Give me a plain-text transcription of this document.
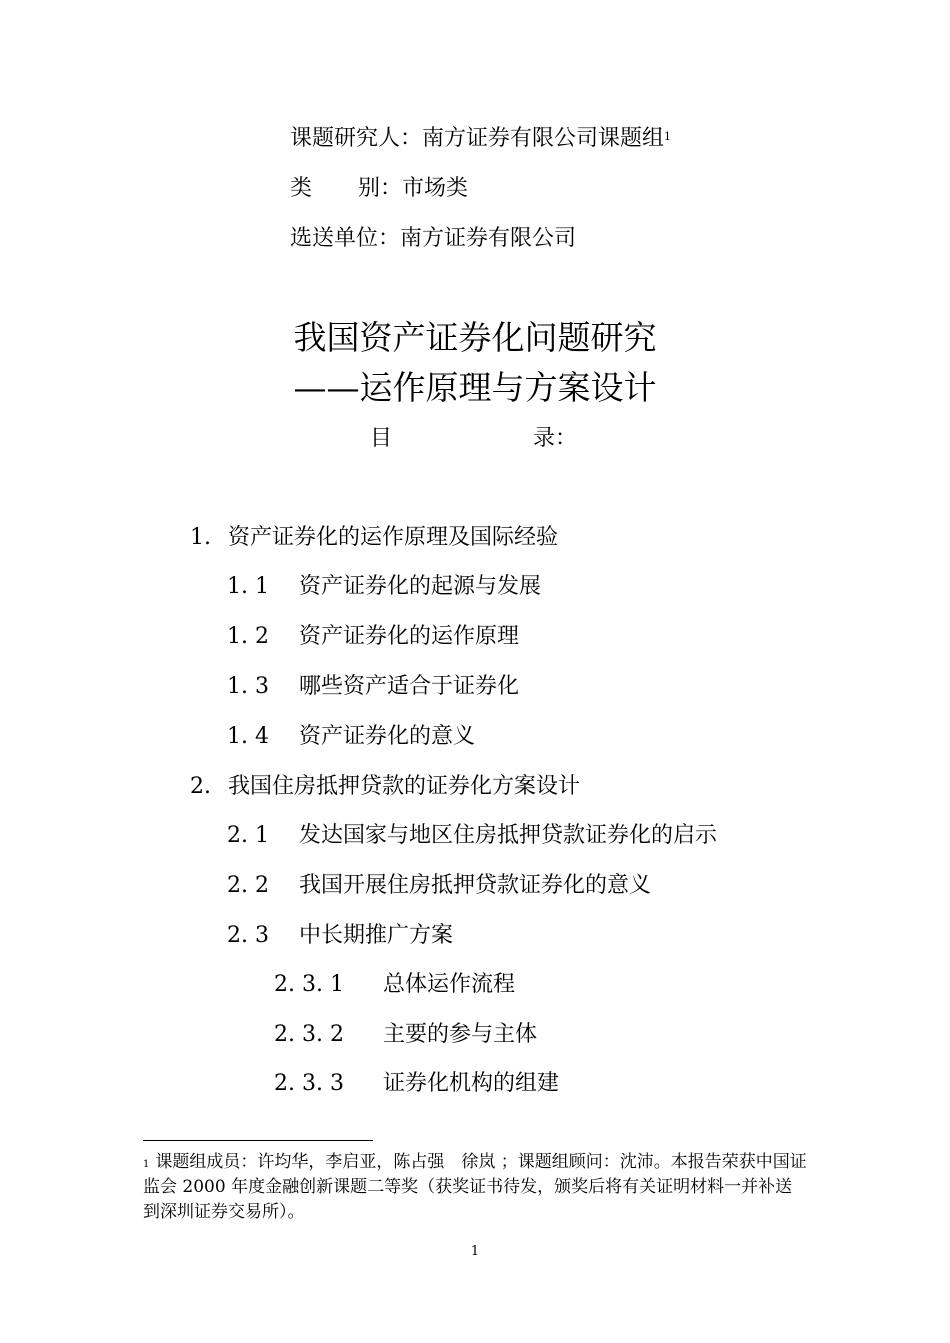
课题研究人：南方证券有限公司课题组$^1$
类 别：市场类
选送单位：南方证券有限公司
我国资产证券化问题研究
——运作原理与方案设计
目	录：
1. 资产证券化的运作原理及国际经验
1. 1 资产证券化的起源与发展
1. 2 资产证券化的运作原理
1. 3 哪些资产适合于证券化
1. 4 资产证券化的意义
2. 我国住房抵押贷款的证券化方案设计
2. 1 发达国家与地区住房抵押贷款证券化的启示
2. 2 我国开展住房抵押贷款证券化的意义
2. 3 中长期推广方案
2. 3. 1 总体运作流程
2. 3. 2 主要的参与主体
2. 3. 3 证券化机构的组建
$^1$ 课题组成员：许均华，李启亚，陈占强　徐岚 ；课题组顾问：沈沛。本报告荣获中国证监会 2000 年度金融创新课题二等奖（获奖证书待发，颁奖后将有关证明材料一并补送到深圳证券交易所）。
1
